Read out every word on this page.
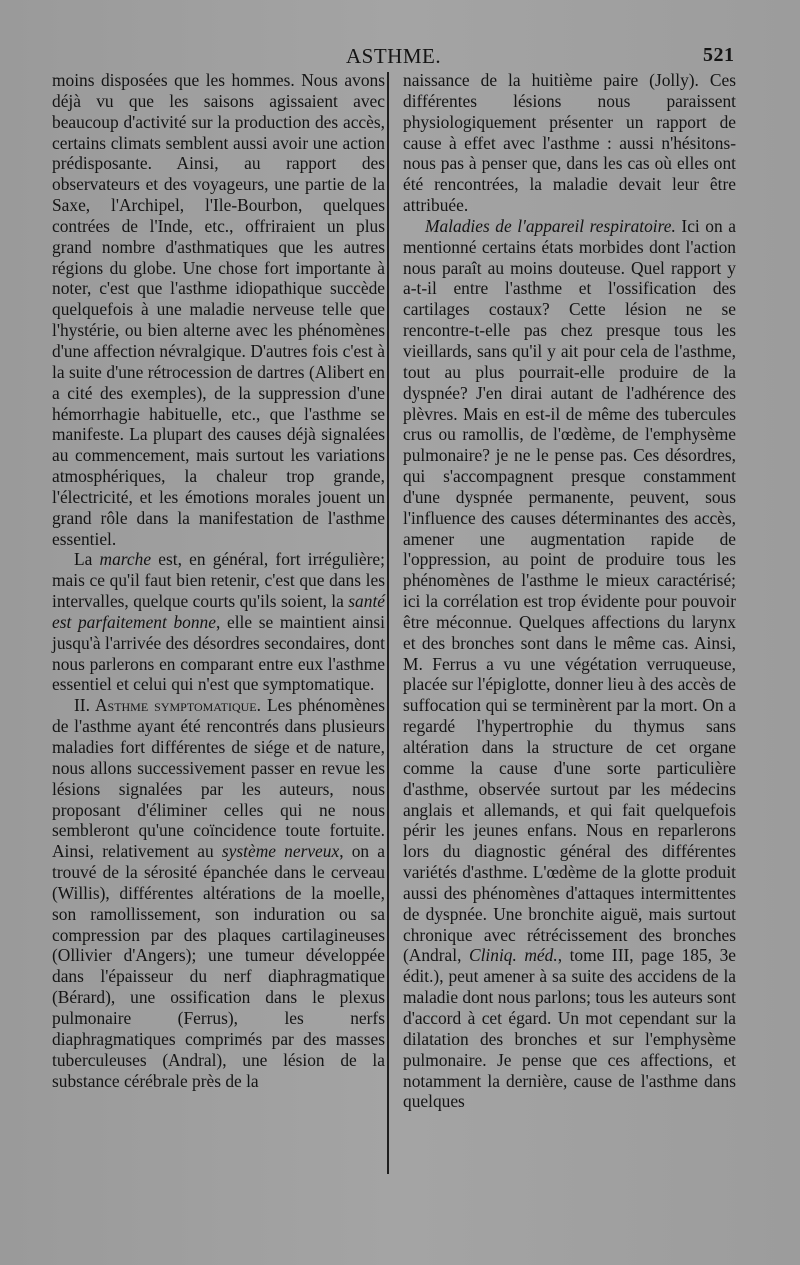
ASTHME.	521

moins disposées que les hommes. Nous avons déjà vu que les saisons agissaient avec beaucoup d'activité sur la production des accès, certains climats semblent aussi avoir une action prédisposante. Ainsi, au rapport des observateurs et des voyageurs, une partie de la Saxe, l'Archipel, l'Ile-Bourbon, quelques contrées de l'Inde, etc., offriraient un plus grand nombre d'asthmatiques que les autres régions du globe. Une chose fort importante à noter, c'est que l'asthme idiopathique succède quelquefois à une maladie nerveuse telle que l'hystérie, ou bien alterne avec les phénomènes d'une affection névralgique. D'autres fois c'est à la suite d'une rétrocession de dartres (Alibert en a cité des exemples), de la suppression d'une hémorrhagie habituelle, etc., que l'asthme se manifeste. La plupart des causes déjà signalées au commencement, mais surtout les variations atmosphériques, la chaleur trop grande, l'électricité, et les émotions morales jouent un grand rôle dans la manifestation de l'asthme essentiel.

La marche est, en général, fort irrégulière; mais ce qu'il faut bien retenir, c'est que dans les intervalles, quelque courts qu'ils soient, la santé est parfaitement bonne, elle se maintient ainsi jusqu'à l'arrivée des désordres secondaires, dont nous parlerons en comparant entre eux l'asthme essentiel et celui qui n'est que symptomatique.

II. Asthme symptomatique. Les phénomènes de l'asthme ayant été rencontrés dans plusieurs maladies fort différentes de siége et de nature, nous allons successivement passer en revue les lésions signalées par les auteurs, nous proposant d'éliminer celles qui ne nous sembleront qu'une coïncidence toute fortuite. Ainsi, relativement au système nerveux, on a trouvé de la sérosité épanchée dans le cerveau (Willis), différentes altérations de la moelle, son ramollissement, son induration ou sa compression par des plaques cartilagineuses (Ollivier d'Angers); une tumeur développée dans l'épaisseur du nerf diaphragmatique (Bérard), une ossification dans le plexus pulmonaire (Ferrus), les nerfs diaphragmatiques comprimés par des masses tuberculeuses (Andral), une lésion de la substance cérébrale près de la

naissance de la huitième paire (Jolly). Ces différentes lésions nous paraissent physiologiquement présenter un rapport de cause à effet avec l'asthme : aussi n'hésitons-nous pas à penser que, dans les cas où elles ont été rencontrées, la maladie devait leur être attribuée.

Maladies de l'appareil respiratoire. Ici on a mentionné certains états morbides dont l'action nous paraît au moins douteuse. Quel rapport y a-t-il entre l'asthme et l'ossification des cartilages costaux? Cette lésion ne se rencontre-t-elle pas chez presque tous les vieillards, sans qu'il y ait pour cela de l'asthme, tout au plus pourrait-elle produire de la dyspnée? J'en dirai autant de l'adhérence des plèvres. Mais en est-il de même des tubercules crus ou ramollis, de l'œdème, de l'emphysème pulmonaire? je ne le pense pas. Ces désordres, qui s'accompagnent presque constamment d'une dyspnée permanente, peuvent, sous l'influence des causes déterminantes des accès, amener une augmentation rapide de l'oppression, au point de produire tous les phénomènes de l'asthme le mieux caractérisé; ici la corrélation est trop évidente pour pouvoir être méconnue. Quelques affections du larynx et des bronches sont dans le même cas. Ainsi, M. Ferrus a vu une végétation verruqueuse, placée sur l'épiglotte, donner lieu à des accès de suffocation qui se terminèrent par la mort. On a regardé l'hypertrophie du thymus sans altération dans la structure de cet organe comme la cause d'une sorte particulière d'asthme, observée surtout par les médecins anglais et allemands, et qui fait quelquefois périr les jeunes enfans. Nous en reparlerons lors du diagnostic général des différentes variétés d'asthme. L'œdème de la glotte produit aussi des phénomènes d'attaques intermittentes de dyspnée. Une bronchite aiguë, mais surtout chronique avec rétrécissement des bronches (Andral, Cliniq. méd., tome III, page 185, 3e édit.), peut amener à sa suite des accidens de la maladie dont nous parlons; tous les auteurs sont d'accord à cet égard. Un mot cependant sur la dilatation des bronches et sur l'emphysème pulmonaire. Je pense que ces affections, et notamment la dernière, cause de l'asthme dans quelques
